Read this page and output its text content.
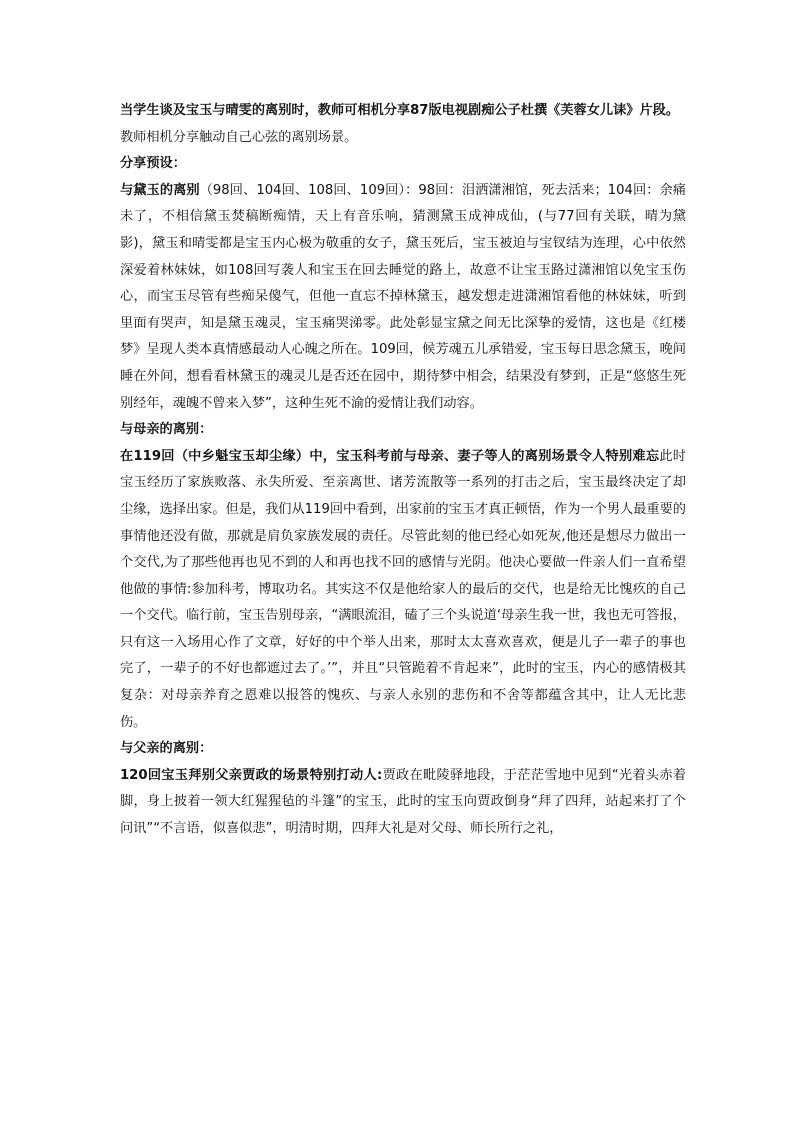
当学生谈及宝玉与晴雯的离别时，教师可相机分享87版电视剧痴公子杜撰《芙蓉女儿诔》片段。

教师相机分享触动自己心弦的离别场景。

分享预设：

与黛玉的离别（98回、104回、108回、109回）：98回：泪洒潇湘馆，死去活来；104回：余痛未了，不相信黛玉焚稿断痴情，天上有音乐响，猜测黛玉成神成仙，(与77回有关联，晴为黛影)，黛玉和晴雯都是宝玉内心极为敬重的女子，黛玉死后，宝玉被迫与宝钗结为连理，心中依然深爱着林妹妹，如108回写袭人和宝玉在回去睡觉的路上，故意不让宝玉路过潇湘馆以免宝玉伤心，而宝玉尽管有些痴呆傻气，但他一直忘不掉林黛玉，越发想走进潇湘馆看他的林妹妹，听到里面有哭声，知是黛玉魂灵，宝玉痛哭涕零。此处彰显宝黛之间无比深挚的爱情，这也是《红楼梦》呈现人类本真情感最动人心魄之所在。109回，候芳魂五儿承错爱，宝玉每日思念黛玉，晚间睡在外间，想看看林黛玉的魂灵儿是否还在园中，期待梦中相会，结果没有梦到，正是“悠悠生死别经年，魂魄不曾来入梦”，这种生死不渝的爱情让我们动容。

与母亲的离别：

在119回（中乡魁宝玉却尘缘）中，宝玉科考前与母亲、妻子等人的离别场景令人特别难忘此时宝玉经历了家族败落、永失所爱、至亲离世、诸芳流散等一系列的打击之后，宝玉最终决定了却尘缘，选择出家。但是，我们从119回中看到，出家前的宝玉才真正顿悟，作为一个男人最重要的事情他还没有做，那就是肩负家族发展的责任。尽管此刻的他已经心如死灰,他还是想尽力做出一个交代,为了那些他再也见不到的人和再也找不回的感情与光阴。他决心要做一件亲人们一直希望他做的事情:参加科考，博取功名。其实这不仅是他给家人的最后的交代，也是给无比愧疚的自己一个交代。临行前，宝玉告别母亲，“满眼流泪，磕了三个头说道‘母亲生我一世，我也无可答报，只有这一入场用心作了文章，好好的中个举人出来，那时太太喜欢喜欢，便是儿子一辈子的事也完了，一辈子的不好也都遮过去了。’”，并且“只管跪着不肯起来”，此时的宝玉，内心的感情极其复杂：对母亲养育之恩难以报答的愧疚、与亲人永别的悲伤和不舍等都蕴含其中，让人无比悲伤。

与父亲的离别：

120回宝玉拜别父亲贾政的场景特别打动人:贾政在毗陵驿地段，于茫茫雪地中见到“光着头赤着脚，身上披着一领大红猩猩毡的斗篷”的宝玉，此时的宝玉向贾政倒身“拜了四拜，站起来打了个问讯”“不言语，似喜似悲”，明清时期，四拜大礼是对父母、师长所行之礼，
